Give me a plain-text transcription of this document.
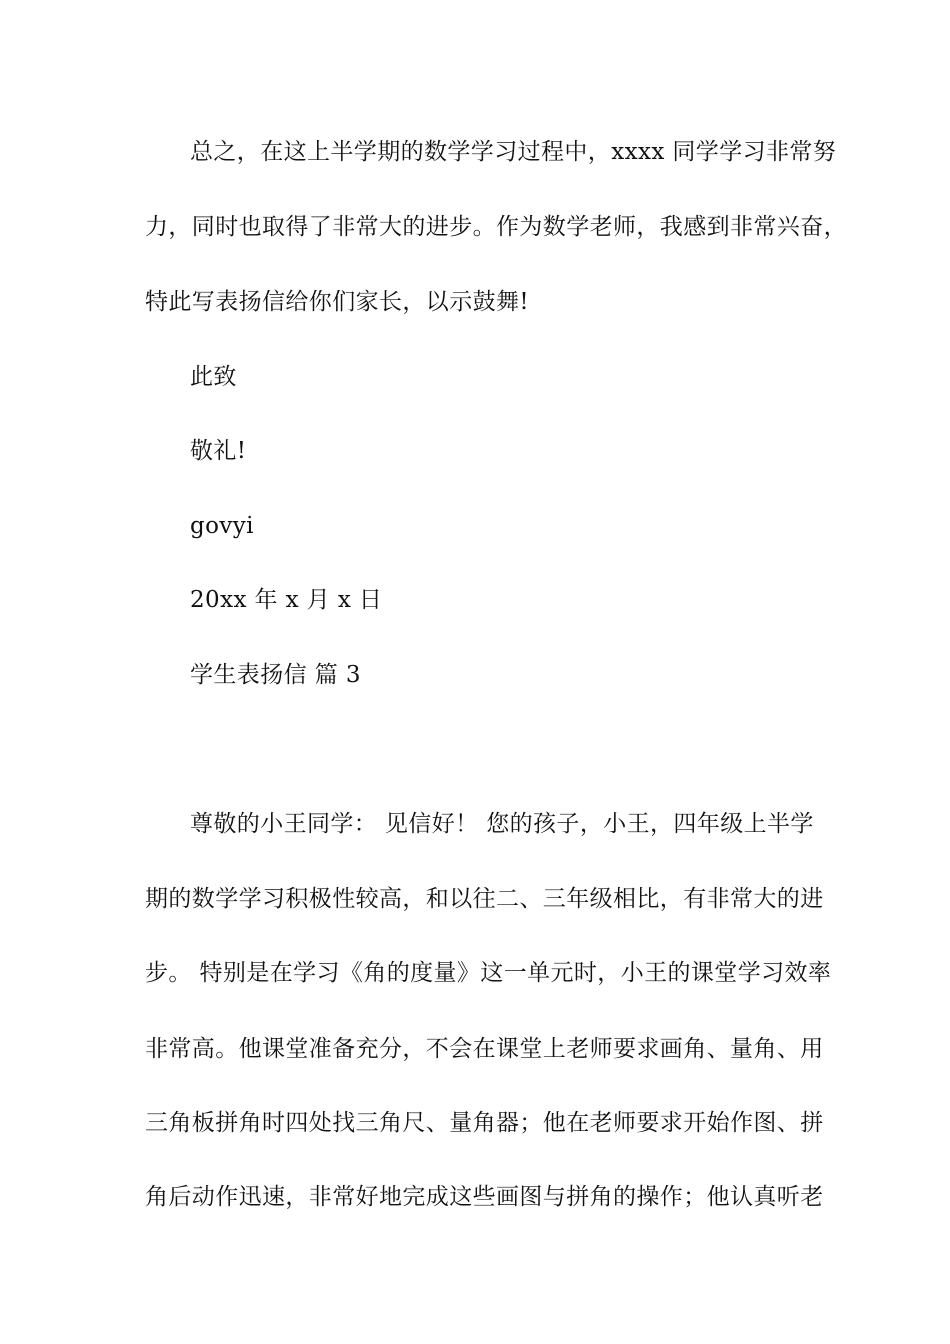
总之，在这上半学期的数学学习过程中，xxxx 同学学习非常努
力，同时也取得了非常大的进步。作为数学老师，我感到非常兴奋，
特此写表扬信给你们家长，以示鼓舞!
此致
敬礼!
govyi
20xx 年 x 月 x 日
学生表扬信 篇 3
尊敬的小王同学： 见信好！ 您的孩子，小王，四年级上半学
期的数学学习积极性较高，和以往二、三年级相比，有非常大的进
步。 特别是在学习《角的度量》这一单元时，小王的课堂学习效率
非常高。他课堂准备充分，不会在课堂上老师要求画角、量角、用
三角板拼角时四处找三角尺、量角器；他在老师要求开始作图、拼
角后动作迅速，非常好地完成这些画图与拼角的操作；他认真听老
